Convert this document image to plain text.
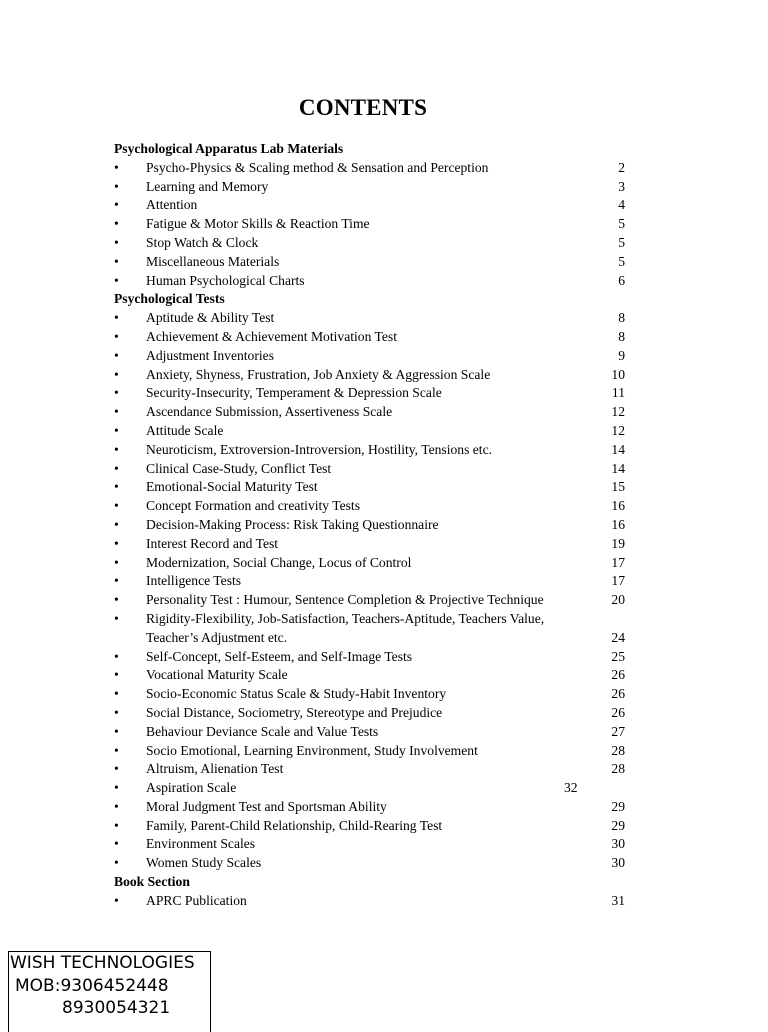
CONTENTS
Psychological Apparatus Lab Materials
•	Psycho-Physics & Scaling method & Sensation and Perception	2
•	Learning and Memory	3
•	Attention	4
•	Fatigue & Motor Skills & Reaction Time	5
•	Stop Watch & Clock	5
•	Miscellaneous Materials	5
•	Human Psychological Charts	6
Psychological Tests
•	Aptitude & Ability Test	8
•	Achievement & Achievement Motivation Test	8
•	Adjustment Inventories	9
•	Anxiety, Shyness, Frustration, Job Anxiety & Aggression Scale	10
•	Security-Insecurity, Temperament & Depression Scale	11
•	Ascendance Submission, Assertiveness Scale	12
•	Attitude Scale	12
•	Neuroticism, Extroversion-Introversion, Hostility, Tensions etc.	14
•	Clinical Case-Study, Conflict Test	14
•	Emotional-Social Maturity Test	15
•	Concept Formation and creativity Tests	16
•	Decision-Making Process: Risk Taking Questionnaire	16
•	Interest Record and Test	19
•	Modernization, Social Change, Locus of Control	17
•	Intelligence Tests	17
•	Personality Test : Humour, Sentence Completion & Projective Technique	20
•	Rigidity-Flexibility, Job-Satisfaction, Teachers-Aptitude, Teachers Value,
Teacher’s Adjustment etc.	24
•	Self-Concept, Self-Esteem, and Self-Image Tests	25
•	Vocational Maturity Scale	26
•	Socio-Economic Status Scale & Study-Habit Inventory	26
•	Social Distance, Sociometry, Stereotype and Prejudice	26
•	Behaviour Deviance Scale and Value Tests	27
•	Socio Emotional, Learning Environment, Study Involvement	28
•	Altruism, Alienation Test	28
•	Aspiration Scale	32
•	Moral Judgment Test and Sportsman Ability	29
•	Family, Parent-Child Relationship, Child-Rearing Test	29
•	Environment Scales	30
•	Women Study Scales	30
Book Section
•	APRC Publication	31
WISH TECHNOLOGIES
MOB:9306452448
8930054321
